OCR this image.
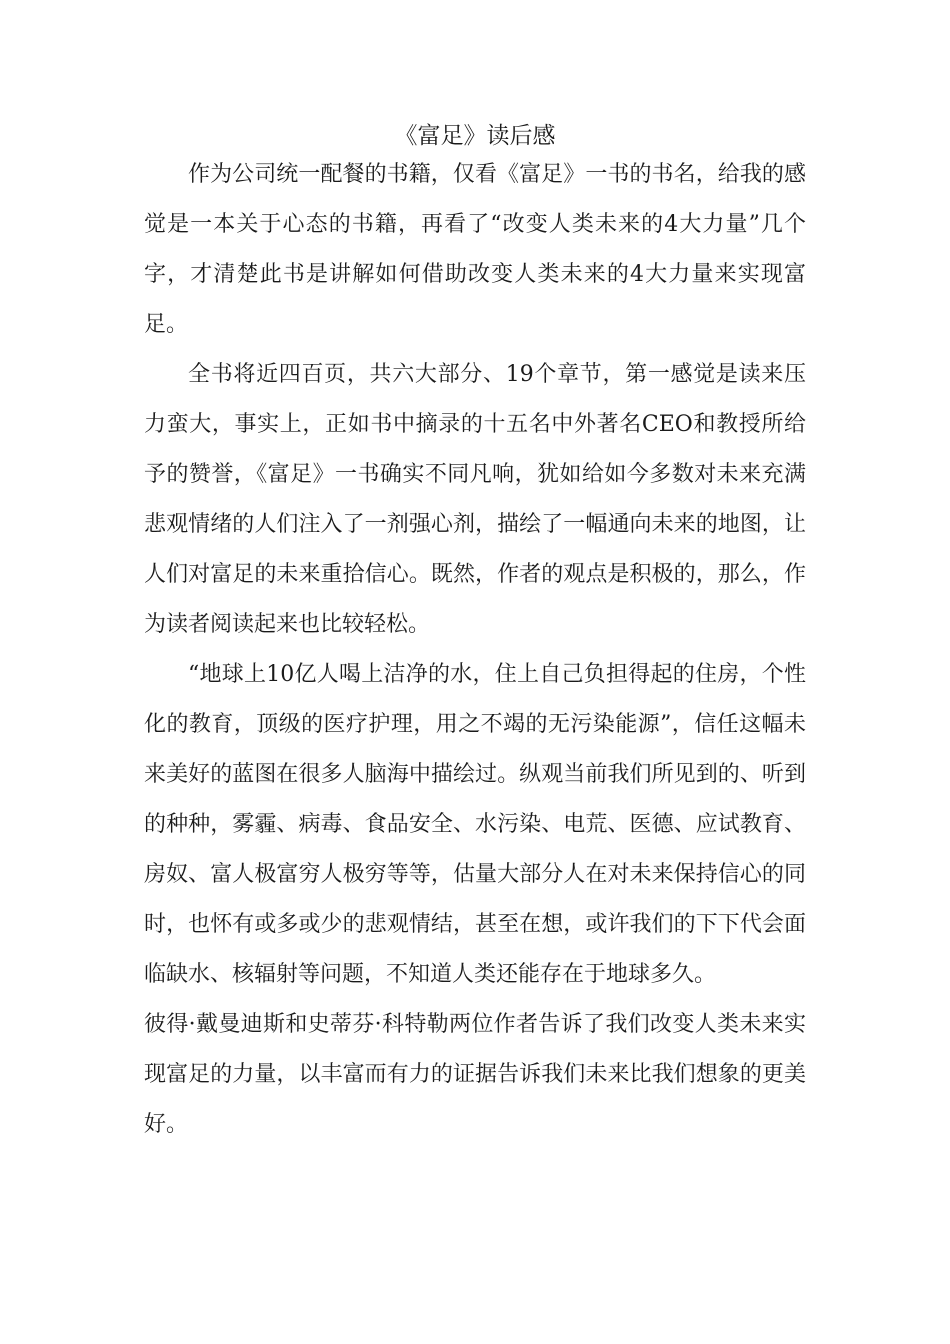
《富足》读后感

作为公司统一配餐的书籍，仅看《富足》一书的书名，给我的感觉是一本关于心态的书籍，再看了“改变人类未来的4大力量”几个字，才清楚此书是讲解如何借助改变人类未来的4大力量来实现富足。

全书将近四百页，共六大部分、19个章节，第一感觉是读来压力蛮大，事实上，正如书中摘录的十五名中外著名CEO和教授所给予的赞誉，《富足》一书确实不同凡响，犹如给如今多数对未来充满悲观情绪的人们注入了一剂强心剂，描绘了一幅通向未来的地图，让人们对富足的未来重拾信心。既然，作者的观点是积极的，那么，作为读者阅读起来也比较轻松。

“地球上10亿人喝上洁净的水，住上自己负担得起的住房，个性化的教育，顶级的医疗护理，用之不竭的无污染能源”，信任这幅未来美好的蓝图在很多人脑海中描绘过。纵观当前我们所见到的、听到的种种，雾霾、病毒、食品安全、水污染、电荒、医德、应试教育、房奴、富人极富穷人极穷等等，估量大部分人在对未来保持信心的同时，也怀有或多或少的悲观情结，甚至在想，或许我们的下下代会面临缺水、核辐射等问题，不知道人类还能存在于地球多久。

彼得·戴曼迪斯和史蒂芬·科特勒两位作者告诉了我们改变人类未来实现富足的力量，以丰富而有力的证据告诉我们未来比我们想象的更美好。
